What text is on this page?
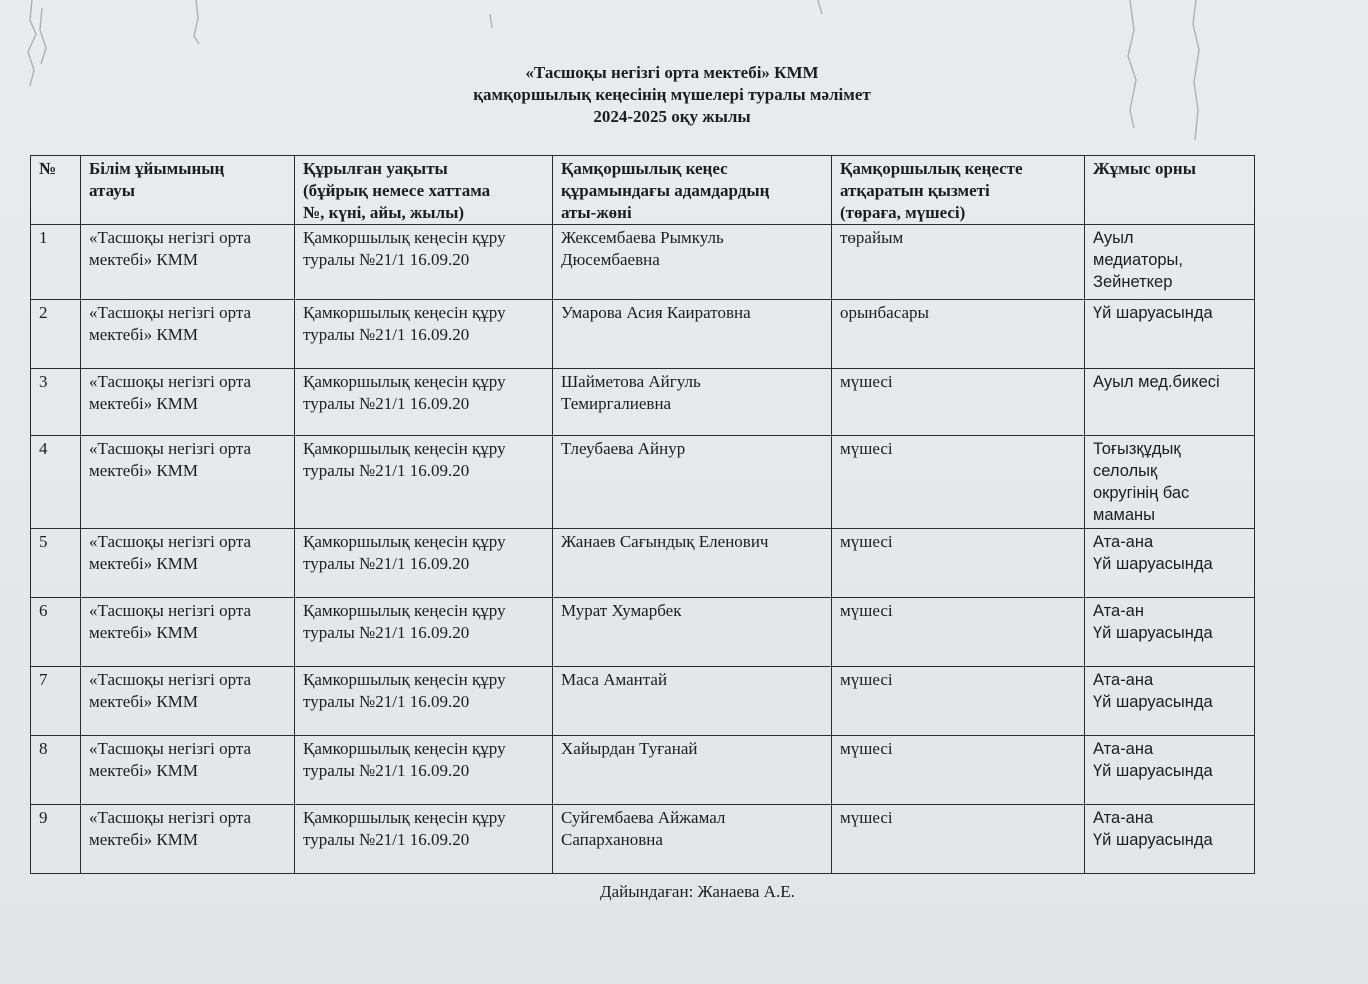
«Тасшоқы негізгі орта мектебі» КММ
қамқоршылық кеңесінің мүшелері туралы мәлімет
2024-2025 оқу жылы
№	Білім ұйымының
атауы	Құрылған уақыты
(бұйрық немесе хаттама
№, күні, айы, жылы)	Қамқоршылық кеңес
құрамындағы адамдардың
аты-жөні	Қамқоршылық кеңесте
атқаратын қызметі
(төраға, мүшесі)	Жұмыс орны

1	«Тасшоқы негізгі орта
мектебі» КММ	Қамкоршылық кеңесін құру
туралы №21/1 16.09.20	Жексембаева Рымкуль
Дюсембаевна	төрайым	Ауыл
медиаторы,
Зейнеткер

2	«Тасшоқы негізгі орта
мектебі» КММ	Қамкоршылық кеңесін құру
туралы №21/1 16.09.20	Умарова Асия Каиратовна	орынбасары	Үй шаруасында

3	«Тасшоқы негізгі орта
мектебі» КММ	Қамкоршылық кеңесін құру
туралы №21/1 16.09.20	Шайметова Айгуль
Темиргалиевна	мүшесі	Ауыл мед.бикесі

4	«Тасшоқы негізгі орта
мектебі» КММ	Қамкоршылық кеңесін құру
туралы №21/1 16.09.20	Тлеубаева Айнур	мүшесі	Тоғызқұдық
селолық
округінің бас
маманы

5	«Тасшоқы негізгі орта
мектебі» КММ	Қамкоршылық кеңесін құру
туралы №21/1 16.09.20	Жанаев Сағындық Еленович	мүшесі	Ата-ана
Үй шаруасында

6	«Тасшоқы негізгі орта
мектебі» КММ	Қамкоршылық кеңесін құру
туралы №21/1 16.09.20	Мурат Хумарбек	мүшесі	Ата-ан
Үй шаруасында

7	«Тасшоқы негізгі орта
мектебі» КММ	Қамкоршылық кеңесін құру
туралы №21/1 16.09.20	Маса Амантай	мүшесі	Ата-ана
Үй шаруасында

8	«Тасшоқы негізгі орта
мектебі» КММ	Қамкоршылық кеңесін құру
туралы №21/1 16.09.20	Хайырдан Туғанай	мүшесі	Ата-ана
Үй шаруасында

9	«Тасшоқы негізгі орта
мектебі» КММ	Қамкоршылық кеңесін құру
туралы №21/1 16.09.20	Суйгембаева Айжамал
Сапархановна	мүшесі	Ата-ана
Үй шаруасында
Дайындаған: Жанаева А.Е.
